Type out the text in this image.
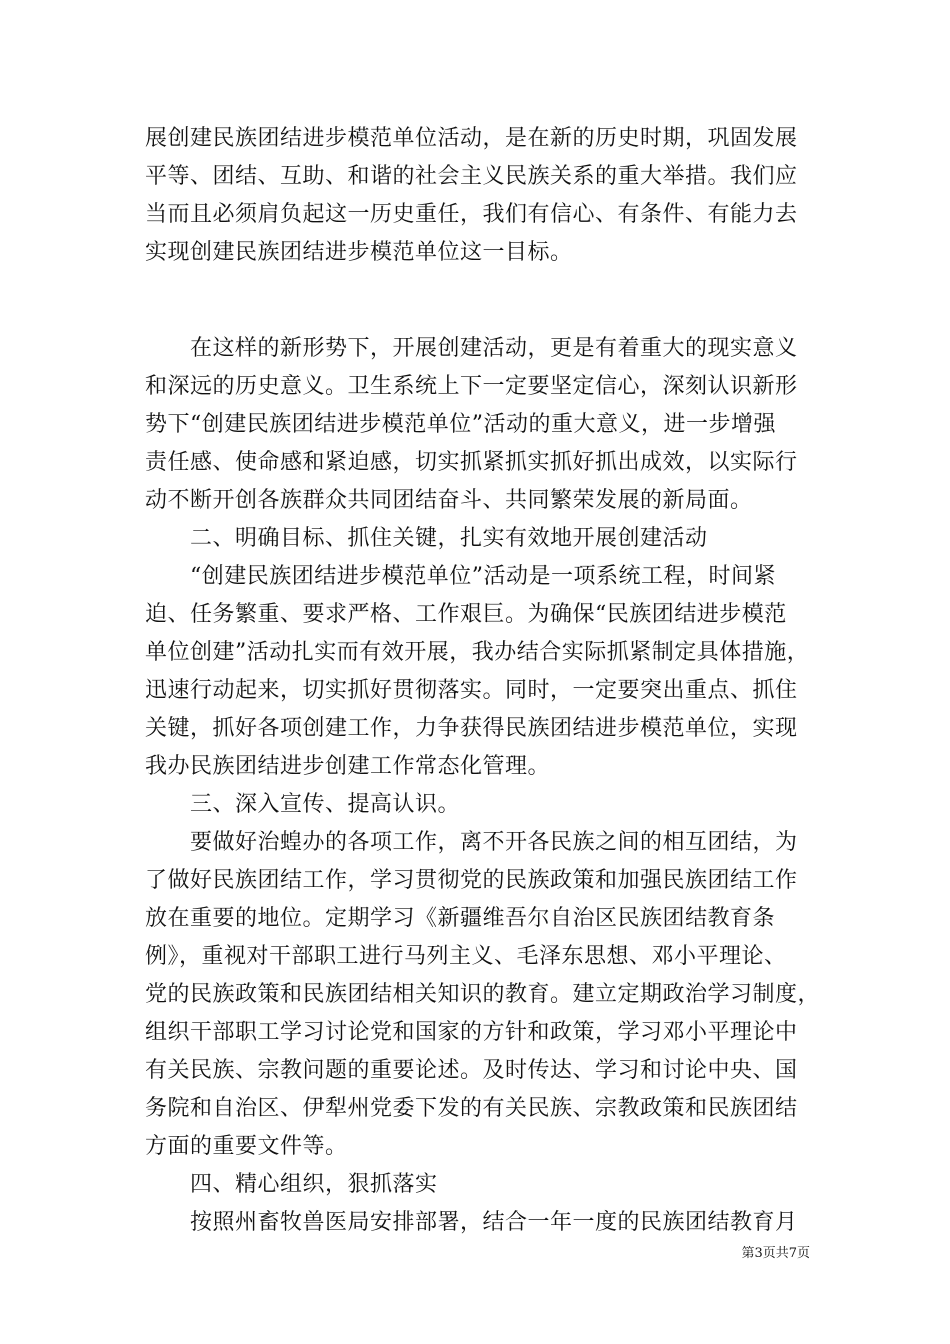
展创建民族团结进步模范单位活动，是在新的历史时期，巩固发展
平等、团结、互助、和谐的社会主义民族关系的重大举措。我们应
当而且必须肩负起这一历史重任，我们有信心、有条件、有能力去
实现创建民族团结进步模范单位这一目标。
　　在这样的新形势下，开展创建活动，更是有着重大的现实意义
和深远的历史意义。卫生系统上下一定要坚定信心，深刻认识新形
势下“创建民族团结进步模范单位”活动的重大意义，进一步增强
责任感、使命感和紧迫感，切实抓紧抓实抓好抓出成效，以实际行
动不断开创各族群众共同团结奋斗、共同繁荣发展的新局面。
　　二、明确目标、抓住关键，扎实有效地开展创建活动
　　“创建民族团结进步模范单位”活动是一项系统工程，时间紧
迫、任务繁重、要求严格、工作艰巨。为确保“民族团结进步模范
单位创建”活动扎实而有效开展，我办结合实际抓紧制定具体措施，
迅速行动起来，切实抓好贯彻落实。同时，一定要突出重点、抓住
关键，抓好各项创建工作，力争获得民族团结进步模范单位，实现
我办民族团结进步创建工作常态化管理。
　　三、深入宣传、提高认识。
　　要做好治蝗办的各项工作，离不开各民族之间的相互团结，为
了做好民族团结工作，学习贯彻党的民族政策和加强民族团结工作
放在重要的地位。定期学习《新疆维吾尔自治区民族团结教育条
例》，重视对干部职工进行马列主义、毛泽东思想、邓小平理论、
党的民族政策和民族团结相关知识的教育。建立定期政治学习制度，
组织干部职工学习讨论党和国家的方针和政策，学习邓小平理论中
有关民族、宗教问题的重要论述。及时传达、学习和讨论中央、国
务院和自治区、伊犁州党委下发的有关民族、宗教政策和民族团结
方面的重要文件等。
　　四、精心组织，狠抓落实
　　按照州畜牧兽医局安排部署，结合一年一度的民族团结教育月
第3页共7页
